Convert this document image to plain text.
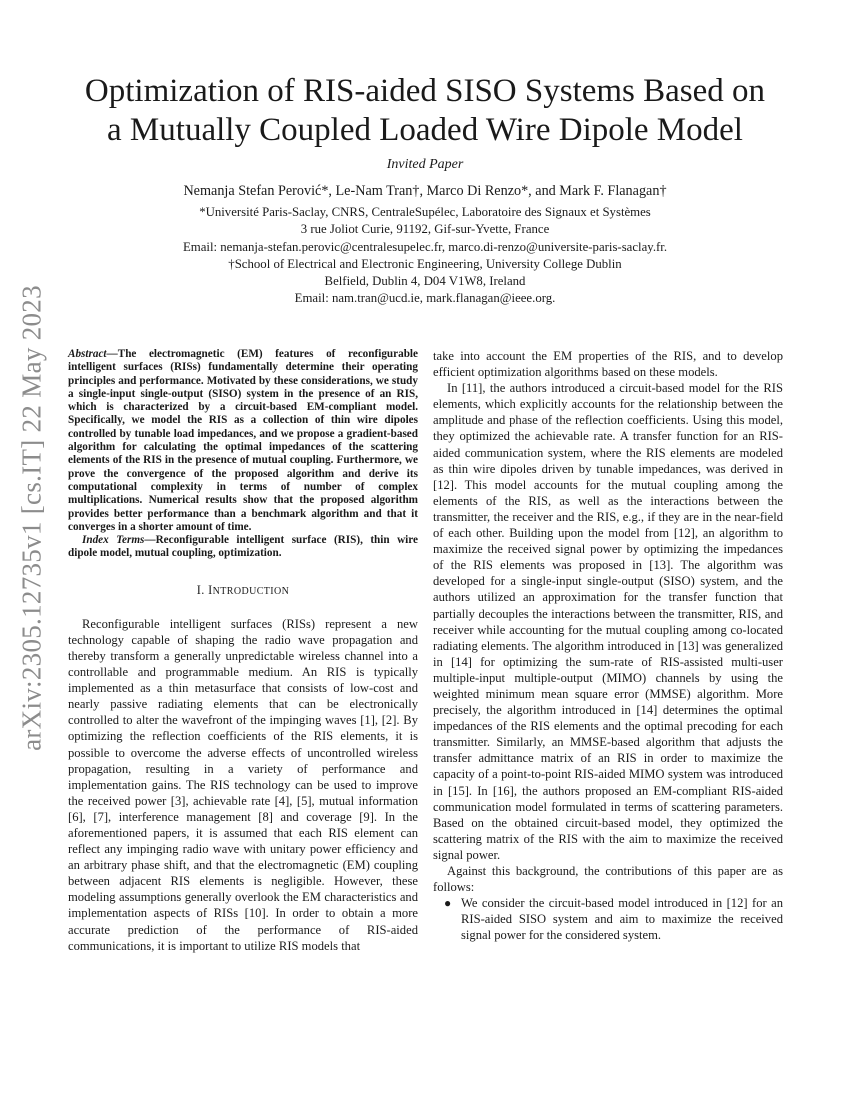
arXiv:2305.12735v1 [cs.IT] 22 May 2023
Optimization of RIS-aided SISO Systems Based on
a Mutually Coupled Loaded Wire Dipole Model
Invited Paper
Nemanja Stefan Perović*, Le-Nam Tran†, Marco Di Renzo*, and Mark F. Flanagan†
*Université Paris-Saclay, CNRS, CentraleSupélec, Laboratoire des Signaux et Systèmes
3 rue Joliot Curie, 91192, Gif-sur-Yvette, France
Email: nemanja-stefan.perovic@centralesupelec.fr, marco.di-renzo@universite-paris-saclay.fr.
†School of Electrical and Electronic Engineering, University College Dublin
Belfield, Dublin 4, D04 V1W8, Ireland
Email: nam.tran@ucd.ie, mark.flanagan@ieee.org.
Abstract—The electromagnetic (EM) features of reconfigurable intelligent surfaces (RISs) fundamentally determine their operating principles and performance. Motivated by these considerations, we study a single-input single-output (SISO) system in the presence of an RIS, which is characterized by a circuit-based EM-compliant model. Specifically, we model the RIS as a collection of thin wire dipoles controlled by tunable load impedances, and we propose a gradient-based algorithm for calculating the optimal impedances of the scattering elements of the RIS in the presence of mutual coupling. Furthermore, we prove the convergence of the proposed algorithm and derive its computational complexity in terms of number of complex multiplications. Numerical results show that the proposed algorithm provides better performance than a benchmark algorithm and that it converges in a shorter amount of time.
Index Terms—Reconfigurable intelligent surface (RIS), thin wire dipole model, mutual coupling, optimization.
I. INTRODUCTION

Reconfigurable intelligent surfaces (RISs) represent a new technology capable of shaping the radio wave propagation and thereby transform a generally unpredictable wireless channel into a controllable and programmable medium. An RIS is typically implemented as a thin metasurface that consists of low-cost and nearly passive radiating elements that can be electronically controlled to alter the wavefront of the impinging waves [1], [2]. By optimizing the reflection coefficients of the RIS elements, it is possible to overcome the adverse effects of uncontrolled wireless propagation, resulting in a variety of performance and implementation gains. The RIS technology can be used to improve the received power [3], achievable rate [4], [5], mutual information [6], [7], interference management [8] and coverage [9]. In the aforementioned papers, it is assumed that each RIS element can reflect any impinging radio wave with unitary power efficiency and an arbitrary phase shift, and that the electromagnetic (EM) coupling between adjacent RIS elements is negligible. However, these modeling assumptions generally overlook the EM characteristics and implementation aspects of RISs [10]. In order to obtain a more accurate prediction of the performance of RIS-aided communications, it is important to utilize RIS models that

take into account the EM properties of the RIS, and to develop efficient optimization algorithms based on these models.

In [11], the authors introduced a circuit-based model for the RIS elements, which explicitly accounts for the relationship between the amplitude and phase of the reflection coefficients. Using this model, they optimized the achievable rate. A transfer function for an RIS-aided communication system, where the RIS elements are modeled as thin wire dipoles driven by tunable impedances, was derived in [12]. This model accounts for the mutual coupling among the elements of the RIS, as well as the interactions between the transmitter, the receiver and the RIS, e.g., if they are in the near-field of each other. Building upon the model from [12], an algorithm to maximize the received signal power by optimizing the impedances of the RIS elements was proposed in [13]. The algorithm was developed for a single-input single-output (SISO) system, and the authors utilized an approximation for the transfer function that partially decouples the interactions between the transmitter, RIS, and receiver while accounting for the mutual coupling among co-located radiating elements. The algorithm introduced in [13] was generalized in [14] for optimizing the sum-rate of RIS-assisted multi-user multiple-input multiple-output (MIMO) channels by using the weighted minimum mean square error (MMSE) algorithm. More precisely, the algorithm introduced in [14] determines the optimal impedances of the RIS elements and the optimal precoding for each transmitter. Similarly, an MMSE-based algorithm that adjusts the transfer admittance matrix of an RIS in order to maximize the capacity of a point-to-point RIS-aided MIMO system was introduced in [15]. In [16], the authors proposed an EM-compliant RIS-aided communication model formulated in terms of scattering parameters. Based on the obtained circuit-based model, they optimized the scattering matrix of the RIS with the aim to maximize the received signal power.

Against this background, the contributions of this paper are as follows:

● We consider the circuit-based model introduced in [12] for an RIS-aided SISO system and aim to maximize the received signal power for the considered system.
